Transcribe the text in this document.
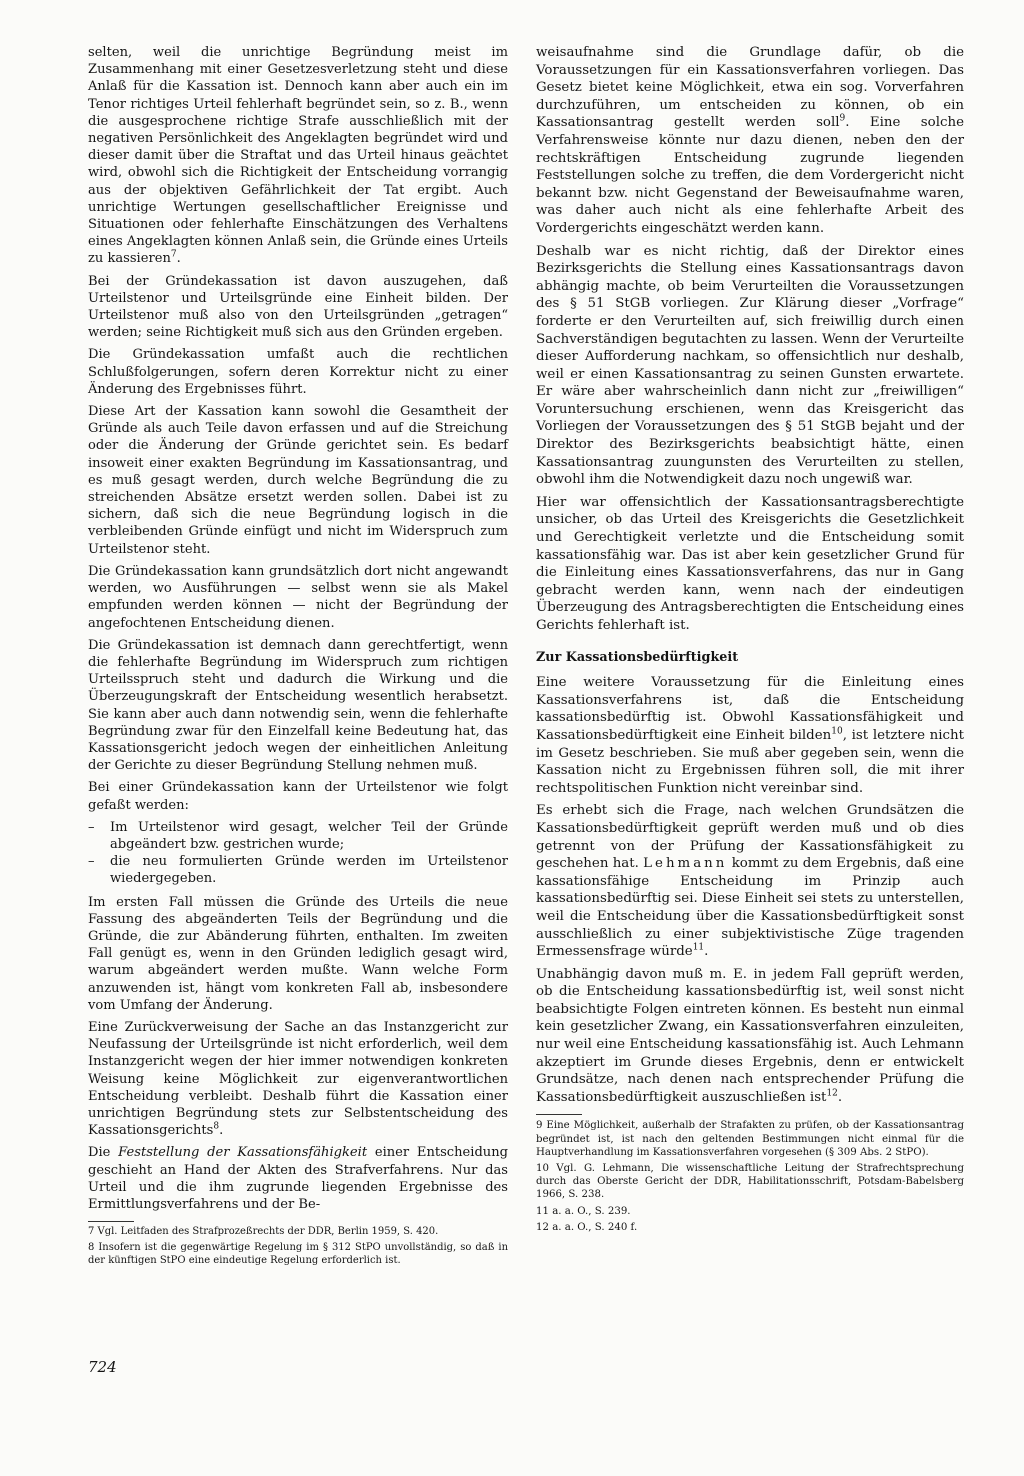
selten, weil die unrichtige Begründung meist im Zusammenhang mit einer Gesetzesverletzung steht und diese Anlaß für die Kassation ist. Dennoch kann aber auch ein im Tenor richtiges Urteil fehlerhaft begründet sein, so z. B., wenn die ausgesprochene richtige Strafe ausschließlich mit der negativen Persönlichkeit des Angeklagten begründet wird und dieser damit über die Straftat und das Urteil hinaus geächtet wird, obwohl sich die Richtigkeit der Entscheidung vorrangig aus der objektiven Gefährlichkeit der Tat ergibt. Auch unrichtige Wertungen gesellschaftlicher Ereignisse und Situationen oder fehlerhafte Einschätzungen des Verhaltens eines Angeklagten können Anlaß sein, die Gründe eines Urteils zu kassieren$^7$.

Bei der Gründekassation ist davon auszugehen, daß Urteilstenor und Urteilsgründe eine Einheit bilden. Der Urteilstenor muß also von den Urteilsgründen „getragen“ werden; seine Richtigkeit muß sich aus den Gründen ergeben.

Die Gründekassation umfaßt auch die rechtlichen Schlußfolgerungen, sofern deren Korrektur nicht zu einer Änderung des Ergebnisses führt.

Diese Art der Kassation kann sowohl die Gesamtheit der Gründe als auch Teile davon erfassen und auf die Streichung oder die Änderung der Gründe gerichtet sein. Es bedarf insoweit einer exakten Begründung im Kassationsantrag, und es muß gesagt werden, durch welche Begründung die zu streichenden Absätze ersetzt werden sollen. Dabei ist zu sichern, daß sich die neue Begründung logisch in die verbleibenden Gründe einfügt und nicht im Widerspruch zum Urteilstenor steht.

Die Gründekassation kann grundsätzlich dort nicht angewandt werden, wo Ausführungen — selbst wenn sie als Makel empfunden werden können — nicht der Begründung der angefochtenen Entscheidung dienen.

Die Gründekassation ist demnach dann gerechtfertigt, wenn die fehlerhafte Begründung im Widerspruch zum richtigen Urteilsspruch steht und dadurch die Wirkung und die Überzeugungskraft der Entscheidung wesentlich herabsetzt. Sie kann aber auch dann notwendig sein, wenn die fehlerhafte Begründung zwar für den Einzelfall keine Bedeutung hat, das Kassationsgericht jedoch wegen der einheitlichen Anleitung der Gerichte zu dieser Begründung Stellung nehmen muß.

Bei einer Gründekassation kann der Urteilstenor wie folgt gefaßt werden:

– Im Urteilstenor wird gesagt, welcher Teil der Gründe abgeändert bzw. gestrichen wurde;
– die neu formulierten Gründe werden im Urteilstenor wiedergegeben.

Im ersten Fall müssen die Gründe des Urteils die neue Fassung des abgeänderten Teils der Begründung und die Gründe, die zur Abänderung führten, enthalten. Im zweiten Fall genügt es, wenn in den Gründen lediglich gesagt wird, warum abgeändert werden mußte. Wann welche Form anzuwenden ist, hängt vom konkreten Fall ab, insbesondere vom Umfang der Änderung.

Eine Zurückverweisung der Sache an das Instanzgericht zur Neufassung der Urteilsgründe ist nicht erforderlich, weil dem Instanzgericht wegen der hier immer notwendigen konkreten Weisung keine Möglichkeit zur eigenverantwortlichen Entscheidung verbleibt. Deshalb führt die Kassation einer unrichtigen Begründung stets zur Selbstentscheidung des Kassationsgerichts$^8$.

Die Feststellung der Kassationsfähigkeit einer Entscheidung geschieht an Hand der Akten des Strafverfahrens. Nur das Urteil und die ihm zugrunde liegenden Ergebnisse des Ermittlungsverfahrens und der Be-

7 Vgl. Leitfaden des Strafprozeßrechts der DDR, Berlin 1959, S. 420.

8 Insofern ist die gegenwärtige Regelung im § 312 StPO unvollständig, so daß in der künftigen StPO eine eindeutige Regelung erforderlich ist.

weisaufnahme sind die Grundlage dafür, ob die Voraussetzungen für ein Kassationsverfahren vorliegen. Das Gesetz bietet keine Möglichkeit, etwa ein sog. Vorverfahren durchzuführen, um entscheiden zu können, ob ein Kassationsantrag gestellt werden soll$^9$. Eine solche Verfahrensweise könnte nur dazu dienen, neben den der rechtskräftigen Entscheidung zugrunde liegenden Feststellungen solche zu treffen, die dem Vordergericht nicht bekannt bzw. nicht Gegenstand der Beweisaufnahme waren, was daher auch nicht als eine fehlerhafte Arbeit des Vordergerichts eingeschätzt werden kann.

Deshalb war es nicht richtig, daß der Direktor eines Bezirksgerichts die Stellung eines Kassationsantrags davon abhängig machte, ob beim Verurteilten die Voraussetzungen des § 51 StGB vorliegen. Zur Klärung dieser „Vorfrage“ forderte er den Verurteilten auf, sich freiwillig durch einen Sachverständigen begutachten zu lassen. Wenn der Verurteilte dieser Aufforderung nachkam, so offensichtlich nur deshalb, weil er einen Kassationsantrag zu seinen Gunsten erwartete. Er wäre aber wahrscheinlich dann nicht zur „freiwilligen“ Voruntersuchung erschienen, wenn das Kreisgericht das Vorliegen der Voraussetzungen des § 51 StGB bejaht und der Direktor des Bezirksgerichts beabsichtigt hätte, einen Kassationsantrag zuungunsten des Verurteilten zu stellen, obwohl ihm die Notwendigkeit dazu noch ungewiß war.

Hier war offensichtlich der Kassationsantragsberechtigte unsicher, ob das Urteil des Kreisgerichts die Gesetzlichkeit und Gerechtigkeit verletzte und die Entscheidung somit kassationsfähig war. Das ist aber kein gesetzlicher Grund für die Einleitung eines Kassationsverfahrens, das nur in Gang gebracht werden kann, wenn nach der eindeutigen Überzeugung des Antragsberechtigten die Entscheidung eines Gerichts fehlerhaft ist.

Zur Kassationsbedürftigkeit

Eine weitere Voraussetzung für die Einleitung eines Kassationsverfahrens ist, daß die Entscheidung kassationsbedürftig ist. Obwohl Kassationsfähigkeit und Kassationsbedürftigkeit eine Einheit bilden$^{10}$, ist letztere nicht im Gesetz beschrieben. Sie muß aber gegeben sein, wenn die Kassation nicht zu Ergebnissen führen soll, die mit ihrer rechtspolitischen Funktion nicht vereinbar sind.

Es erhebt sich die Frage, nach welchen Grundsätzen die Kassationsbedürftigkeit geprüft werden muß und ob dies getrennt von der Prüfung der Kassationsfähigkeit zu geschehen hat. Lehmann kommt zu dem Ergebnis, daß eine kassationsfähige Entscheidung im Prinzip auch kassationsbedürftig sei. Diese Einheit sei stets zu unterstellen, weil die Entscheidung über die Kassationsbedürftigkeit sonst ausschließlich zu einer subjektivistische Züge tragenden Ermessensfrage würde$^{11}$.

Unabhängig davon muß m. E. in jedem Fall geprüft werden, ob die Entscheidung kassationsbedürftig ist, weil sonst nicht beabsichtigte Folgen eintreten können. Es besteht nun einmal kein gesetzlicher Zwang, ein Kassationsverfahren einzuleiten, nur weil eine Entscheidung kassationsfähig ist. Auch Lehmann akzeptiert im Grunde dieses Ergebnis, denn er entwickelt Grundsätze, nach denen nach entsprechender Prüfung die Kassationsbedürftigkeit auszuschließen ist$^{12}$.

9 Eine Möglichkeit, außerhalb der Strafakten zu prüfen, ob der Kassationsantrag begründet ist, ist nach den geltenden Bestimmungen nicht einmal für die Hauptverhandlung im Kassationsverfahren vorgesehen (§ 309 Abs. 2 StPO).

10 Vgl. G. Lehmann, Die wissenschaftliche Leitung der Strafrechtsprechung durch das Oberste Gericht der DDR, Habilitationsschrift, Potsdam-Babelsberg 1966, S. 238.

11 a. a. O., S. 239.

12 a. a. O., S. 240 f.

724
